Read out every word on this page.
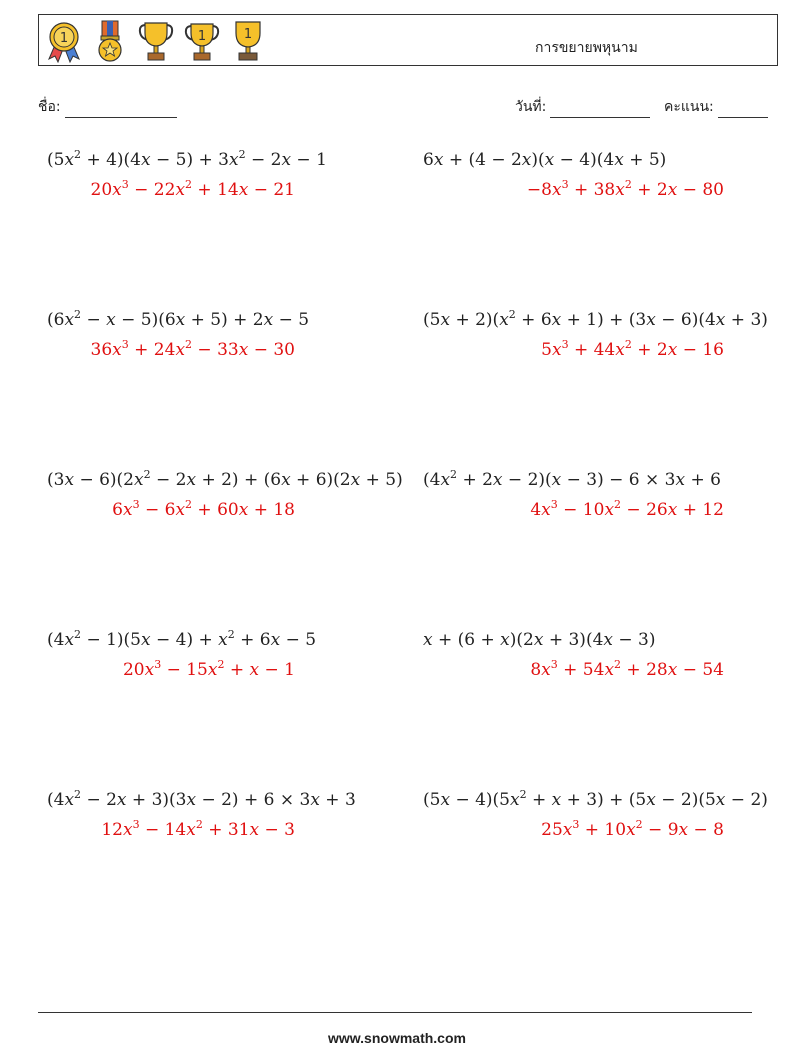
1	1	1
การขยายพหุนาม
ชื่อ:	วันที่:	คะแนน:
$(5x^2 + 4)(4x - 5) + 3x^2 - 2x - 1$
$20x^3 - 22x^2 + 14x - 21$
6x + (4 − 2x)(x − 4)(4x + 5)
$-8x^3 + 38x^2 + 2x - 80$
$(6x^2 - x - 5)(6x + 5) + 2x - 5$
$36x^3 + 24x^2 - 33x - 30$
$(5x + 2)(x^2 + 6x + 1) + (3x - 6)(4x + 3)$
$5x^3 + 44x^2 + 2x - 16$
$(3x - 6)(2x^2 - 2x + 2) + (6x + 6)(2x + 5)$
$6x^3 - 6x^2 + 60x + 18$
$(4x^2 + 2x - 2)(x - 3) - 6 \times 3x + 6$
$4x^3 - 10x^2 - 26x + 12$
$(4x^2 - 1)(5x - 4) + x^2 + 6x - 5$
$20x^3 - 15x^2 + x - 1$
x + (6 + x)(2x + 3)(4x − 3)
$8x^3 + 54x^2 + 28x - 54$
$(4x^2 - 2x + 3)(3x - 2) + 6 \times 3x + 3$
$12x^3 - 14x^2 + 31x - 3$
$(5x - 4)(5x^2 + x + 3) + (5x - 2)(5x - 2)$
$25x^3 + 10x^2 - 9x - 8$
www.snowmath.com
